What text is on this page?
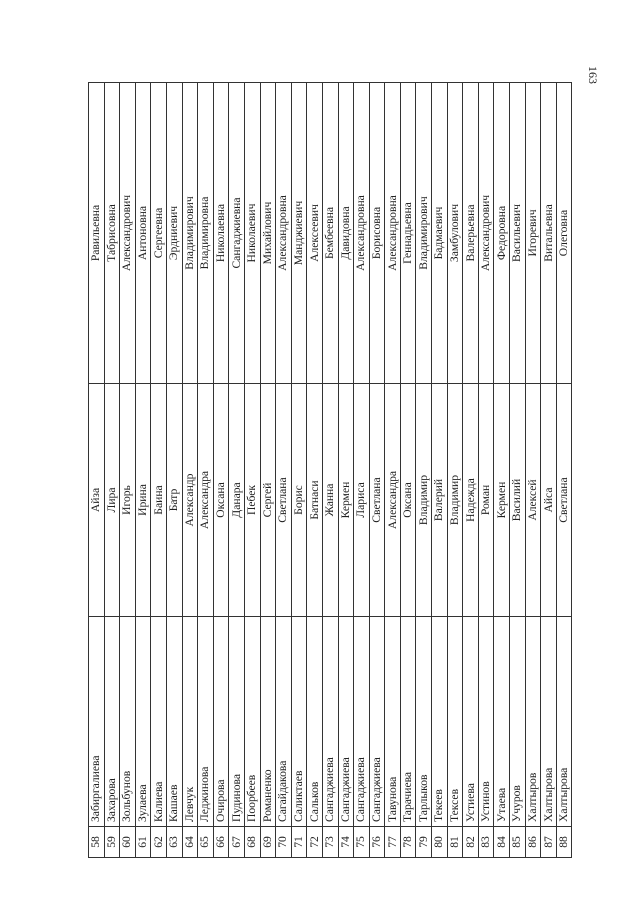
163
58	Забиргалиева	Айза	Равильевна
59	Захарова	Лира	Табрисовна
60	Зольбунов	Игорь	Александрович
61	Зулаева	Ирина	Антоновна
62	Калиева	Баина	Сергеевна
63	Кашаев	Батр	Эрдниевич
64	Левчук	Александр	Владимирович
65	Леджинова	Александра	Владимировна
66	Очирова	Оксана	Николаевна
67	Пудинова	Данара	Сангаджиевна
68	Поорбеев	Пебек	Николаевич
69	Романенко	Сергей	Михайлович
70	Сагайдакова	Светлана	Александровна
71	Саликтаев	Борис	Манджиевич
72	Сальков	Батнаси	Алексеевич
73	Сангаджиева	Жанна	Бембеевна
74	Сангаджиева	Кермен	Давидовна
75	Сангаджиева	Лариса	Александровна
76	Сангаджиева	Светлана	Борисовна
77	Тавунова	Александра	Александровна
78	Тарачиева	Оксана	Геннадьевна
79	Тарлыков	Владимир	Владимирович
80	Текеев	Валерий	Бадмаевич
81	Тексев	Владимир	Замбулович
82	Устиева	Надежда	Валерьевна
83	Устинов	Роман	Александрович
84	Утаева	Кермен	Федоровна
85	Учуров	Василий	Васильевич
86	Халтыров	Алексей	Игоревич
87	Халтырова	Айса	Витальевна
88	Халтырова	Светлана	Олеговна
